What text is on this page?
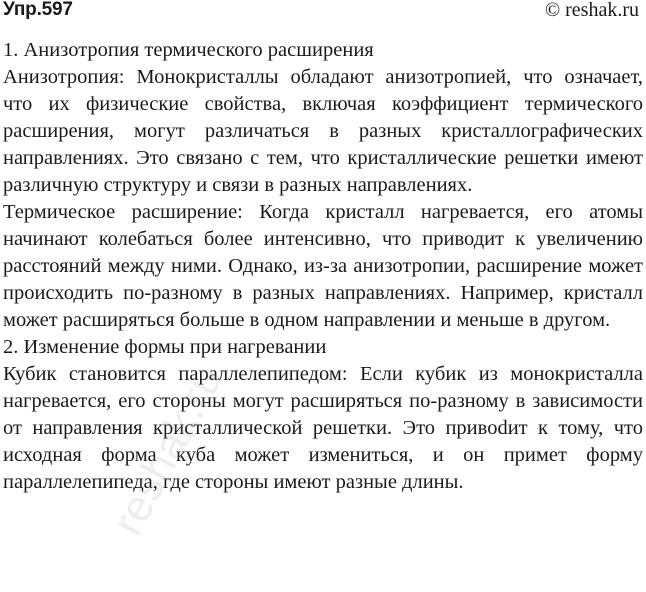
Упр.597	© reshak.ru

1. Анизотропия термического расширения

Анизотропия: Монокристаллы обладают анизотропией, что означает, что их физические свойства, включая коэффициент термического расширения, могут различаться в разных кристаллографических направлениях. Это связано с тем, что кристаллические решетки имеют различную структуру и связи в разных направлениях.

Термическое расширение: Когда кристалл нагревается, его атомы начинают колебаться более интенсивно, что приводит к увеличению расстояний между ними. Однако, из-за анизотропии, расширение может происходить по-разному в разных направлениях. Например, кристалл может расширяться больше в одном направлении и меньше в другом.

2. Изменение формы при нагревании

Кубик становится параллелепипедом: Если кубик из монокристалла нагревается, его стороны могут расширяться по-разному в зависимости от направления кристаллической решетки. Это привоdит к тому, что исходная форма куба может измениться, и он примет форму параллелепипеда, где стороны имеют разные длины.

reshak.ru
